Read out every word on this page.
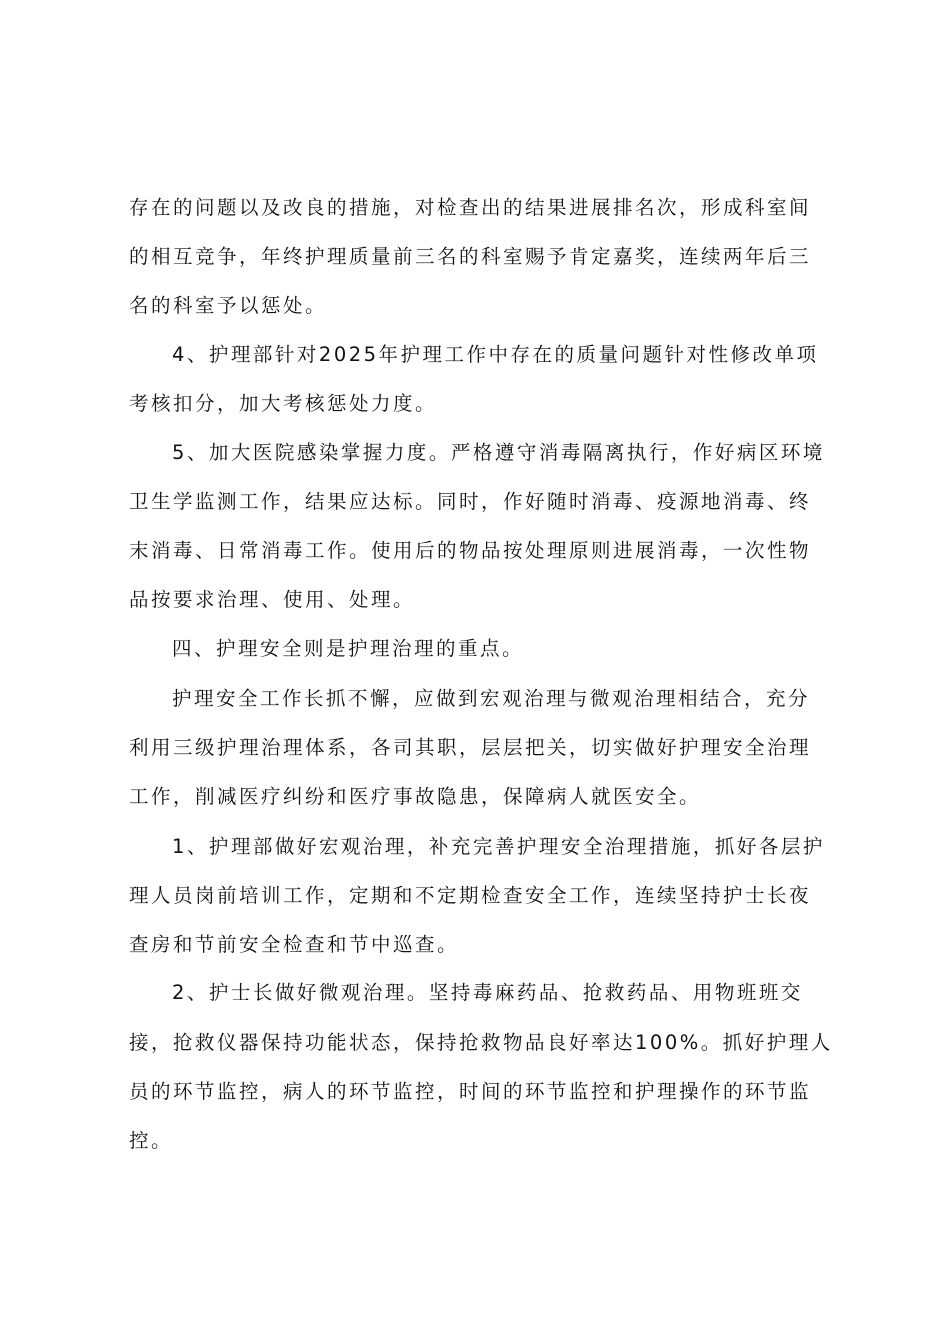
存在的问题以及改良的措施，对检查出的结果进展排名次，形成科室间
的相互竞争，年终护理质量前三名的科室赐予肯定嘉奖，连续两年后三
名的科室予以惩处。
4、护理部针对2025年护理工作中存在的质量问题针对性修改单项
考核扣分，加大考核惩处力度。
5、加大医院感染掌握力度。严格遵守消毒隔离执行，作好病区环境
卫生学监测工作，结果应达标。同时，作好随时消毒、疫源地消毒、终
末消毒、日常消毒工作。使用后的物品按处理原则进展消毒，一次性物
品按要求治理、使用、处理。
四、护理安全则是护理治理的重点。
护理安全工作长抓不懈，应做到宏观治理与微观治理相结合，充分
利用三级护理治理体系，各司其职，层层把关，切实做好护理安全治理
工作，削减医疗纠纷和医疗事故隐患，保障病人就医安全。
1、护理部做好宏观治理，补充完善护理安全治理措施，抓好各层护
理人员岗前培训工作，定期和不定期检查安全工作，连续坚持护士长夜
查房和节前安全检查和节中巡查。
2、护士长做好微观治理。坚持毒麻药品、抢救药品、用物班班交
接，抢救仪器保持功能状态，保持抢救物品良好率达100%。抓好护理人
员的环节监控，病人的环节监控，时间的环节监控和护理操作的环节监
控。
